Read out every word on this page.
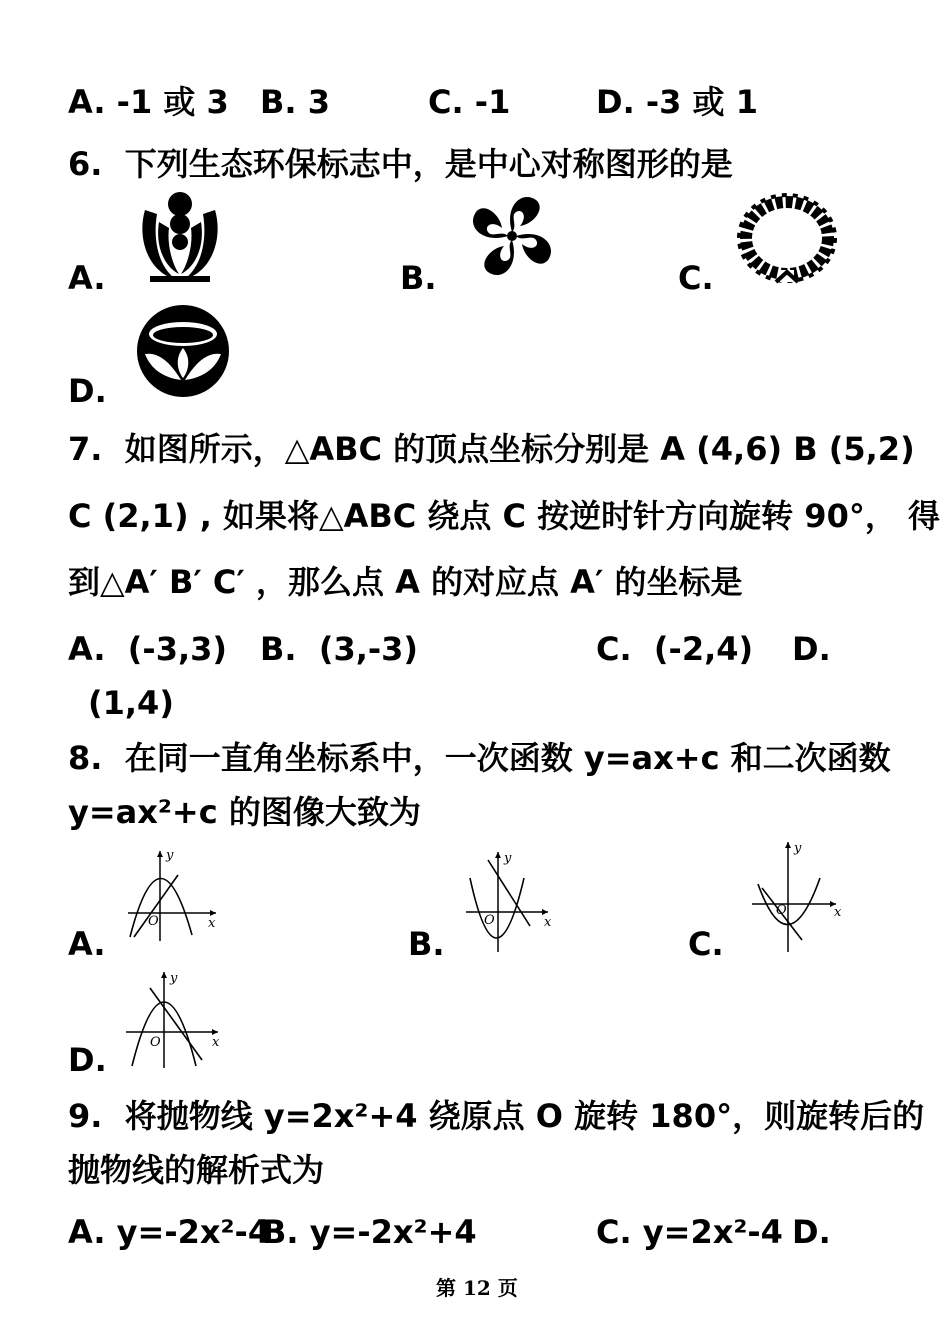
A. -1 或 3 B. 3	C. -1	D. -3 或 1
6.  下列生态环保标志中，是中心对称图形的是
A.	B.	C.
D.
7.  如图所示，△ABC 的顶点坐标分别是 A (4,6) B (5,2)
C (2,1) , 如果将△ABC 绕点 C 按逆时针方向旋转 90°， 得
到△A′ B′ C′ ，那么点 A 的对应点 A′ 的坐标是
A.  (-3,3) B.  (3,-3)	C.  (-2,4) D.
(1,4)
8.  在同一直角坐标系中，一次函数 y=ax+c 和二次函数
y=ax²+c 的图像大致为
A.
y
x
O
B.
y
x
O
C.
y
x
O
D.
y
x
O
9.  将抛物线 y=2x²+4 绕原点 O 旋转 180°，则旋转后的
抛物线的解析式为
A. y=-2x²-4
B. y=-2x²+4	C. y=2x²-4 D.
第 12 页
